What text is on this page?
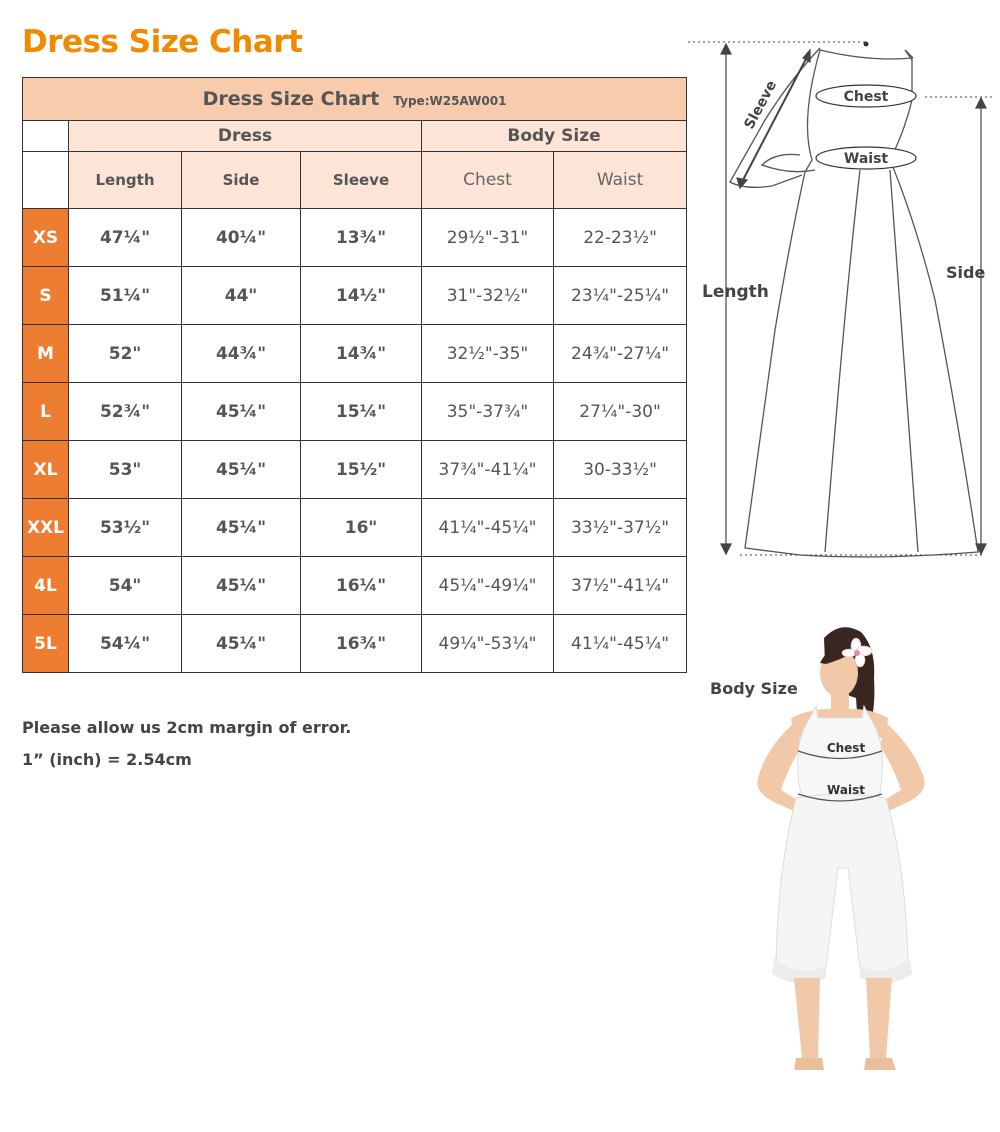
Dress Size Chart
Dress Size Chart Type:W25AW001					
	Dress			Body Size	
	Length	Side	Sleeve	Chest	Waist
XS	47¼"	40¼"	13¾"	29½"-31"	22-23½"
S	51¼"	44"	14½"	31"-32½"	23¼"-25¼"
M	52"	44¾"	14¾"	32½"-35"	24¾"-27¼"
L	52¾"	45¼"	15¼"	35"-37¾"	27¼"-30"
XL	53"	45¼"	15½"	37¾"-41¼"	30-33½"
XXL	53½"	45¼"	16"	41¼"-45¼"	33½"-37½"
4L	54"	45¼"	16¼"	45¼"-49¼"	37½"-41¼"
5L	54¼"	45¼"	16¾"	49¼"-53¼"	41¼"-45¼"
Please allow us 2cm margin of error.
1” (inch) = 2.54cm
Chest
Waist
Sleeve
Length
Side
Body Size
Chest
Waist
